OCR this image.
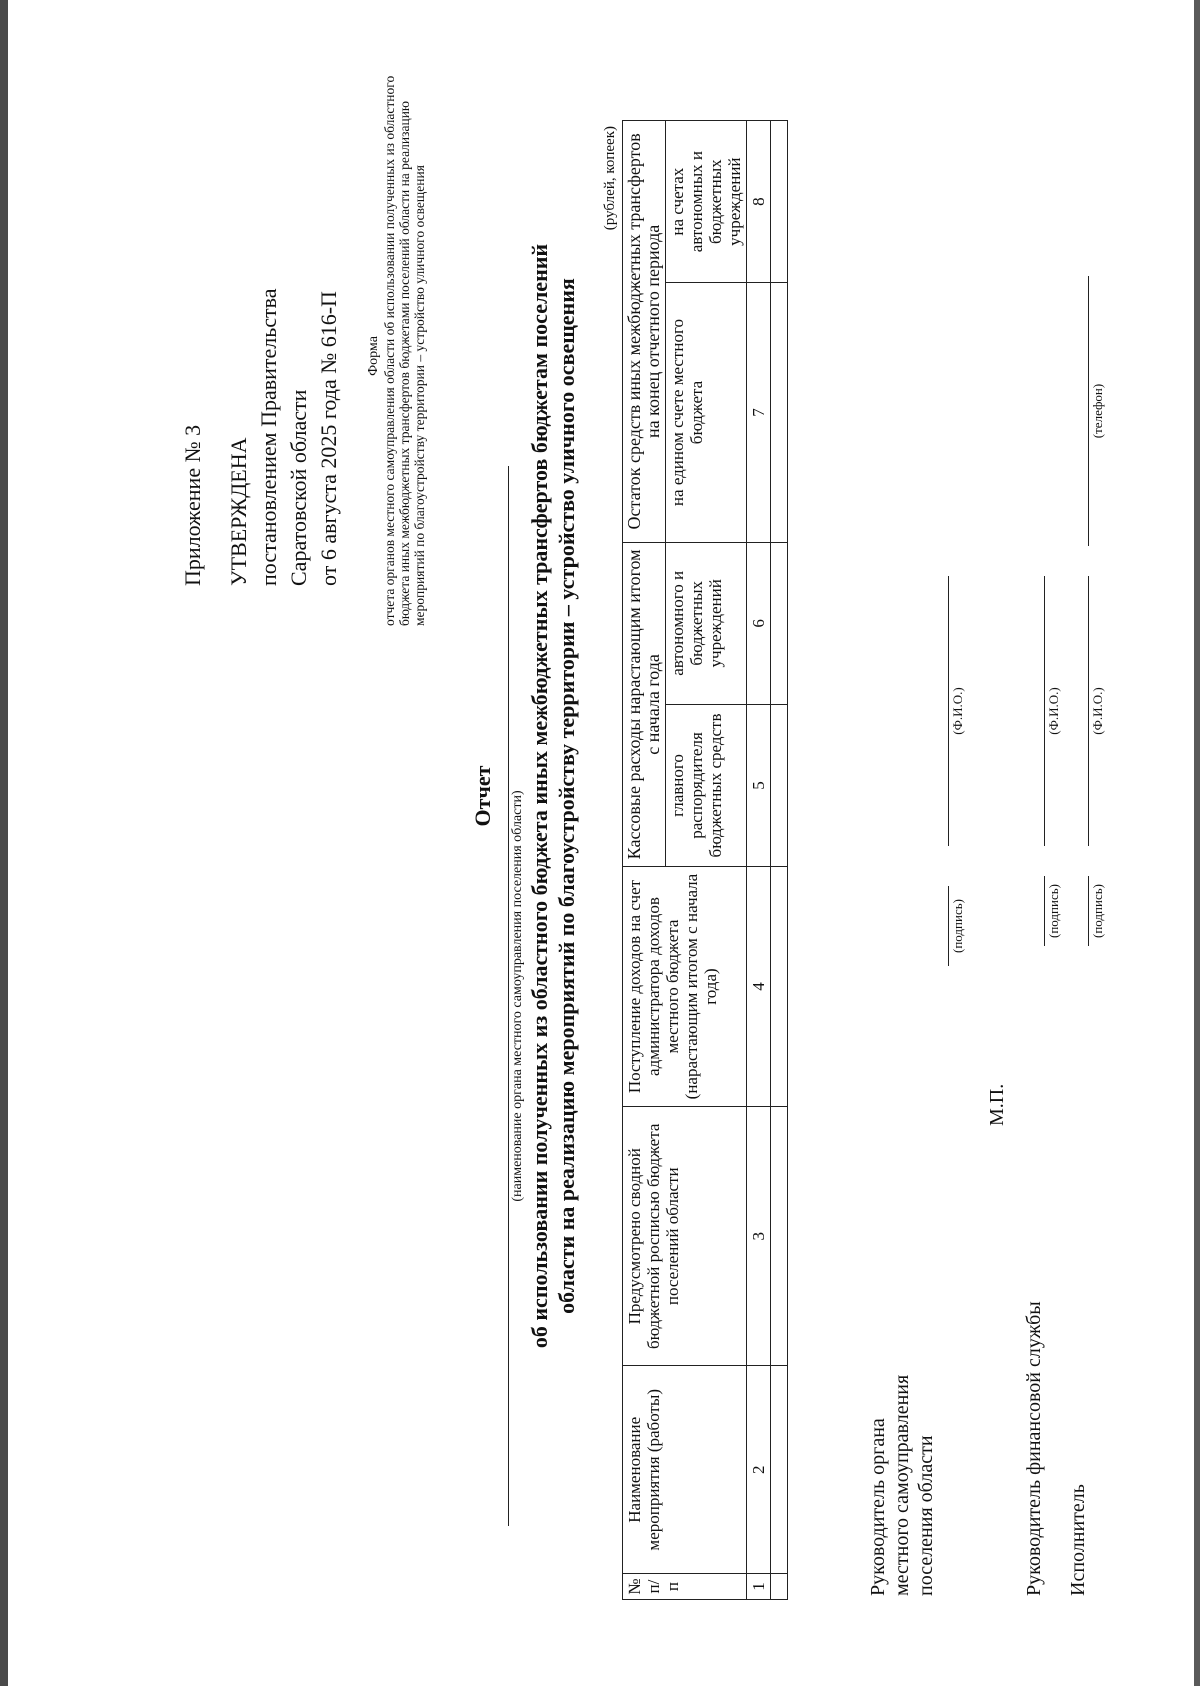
Приложение № 3 УТВЕРЖДЕНА постановлением Правительства Саратовской области от 6 августа 2025 года № 616-П Форма отчета органов местного самоуправления области об использовании полученных из областного бюджета иных межбюджетных трансфертов бюджетами поселений области на реализацию мероприятий по благоустройству территории – устройство уличного освещения
Отчет (наименование органа местного самоуправления поселения области) об использовании полученных из областного бюджета иных межбюджетных трансфертов бюджетам поселений области на реализацию мероприятий по благоустройству территории – устройство уличного освещения
(рублей, копеек)
№ п/п	Наименование мероприятия (работы)	Предусмотрено сводной бюджетной росписью бюджета поселений области	Поступление доходов на счет администратора доходов местного бюджета (нарастающим итогом с начала года)	Кассовые расходы нарастающим итогом с начала года		Остаток средств иных межбюджетных трансфертов на конец отчетного периода	
				главного распорядителя бюджетных средств	автономного и бюджетных учреждений	на едином счете местного бюджета	на счетах автономных и бюджетных учреждений
1	2	3	4	5	6	7	8

Руководитель органа местного самоуправления поселения области
М.П.
(подпись)
(Ф.И.О.)
Руководитель финансовой службы
(подпись)
(Ф.И.О.)
Исполнитель
(подпись)
(Ф.И.О.)
(телефон)
